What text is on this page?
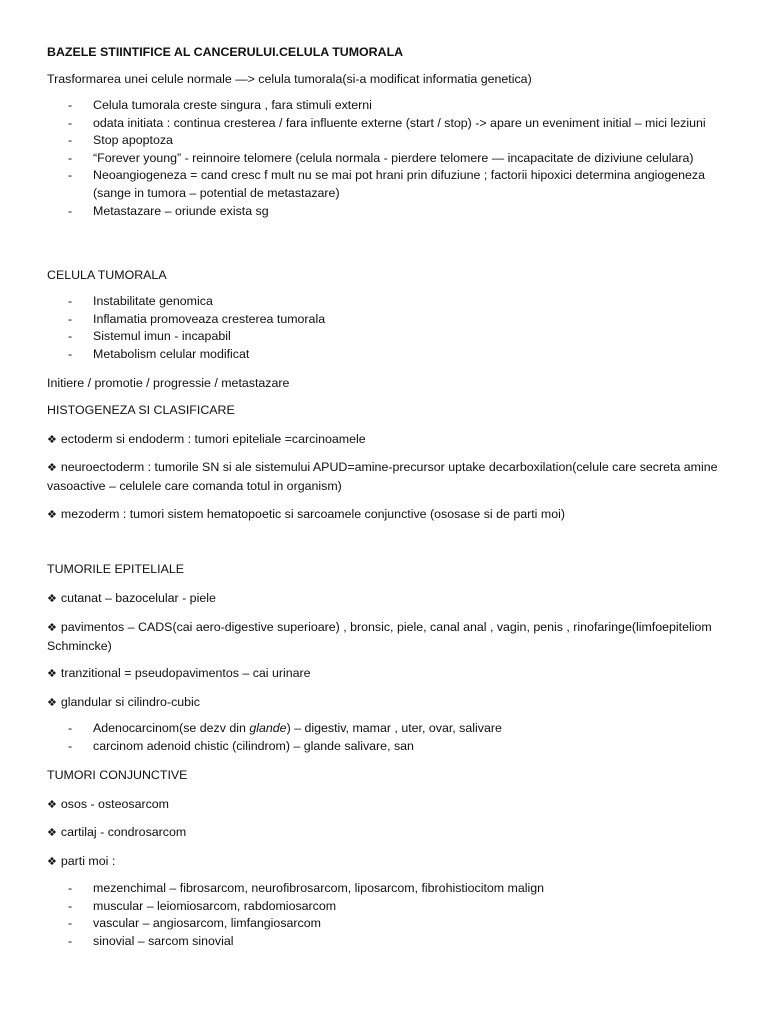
BAZELE STIINTIFICE AL CANCERULUI.CELULA TUMORALA
Trasformarea unei celule normale —> celula tumorala(si-a modificat informatia genetica)
- Celula tumorala creste singura , fara stimuli externi
- odata initiata : continua cresterea / fara influente externe (start / stop) -> apare un eveniment initial – mici leziuni
- Stop apoptoza
- “Forever young” - reinnoire telomere (celula normala - pierdere telomere — incapacitate de diziviune celulara)
- Neoangiogeneza = cand cresc f mult nu se mai pot hrani prin difuziune ; factorii hipoxici determina angiogeneza (sange in tumora – potential de metastazare)
- Metastazare – oriunde exista sg
CELULA TUMORALA
- Instabilitate genomica
- Inflamatia promoveaza cresterea tumorala
- Sistemul imun - incapabil
- Metabolism celular modificat
Initiere / promotie / progressie / metastazare
HISTOGENEZA SI CLASIFICARE
❖ ectoderm si endoderm : tumori epiteliale =carcinoamele
❖ neuroectoderm : tumorile SN si ale sistemului APUD=amine-precursor uptake decarboxilation(celule care secreta amine vasoactive – celulele care comanda totul in organism)
❖ mezoderm : tumori sistem hematopoetic si sarcoamele conjunctive (ososase si de parti moi)
TUMORILE EPITELIALE
❖ cutanat – bazocelular - piele
❖ pavimentos – CADS(cai aero-digestive superioare) , bronsic, piele, canal anal , vagin, penis , rinofaringe(limfoepiteliom Schmincke)
❖ tranzitional = pseudopavimentos – cai urinare
❖ glandular si cilindro-cubic
- Adenocarcinom(se dezv din glande) – digestiv, mamar , uter, ovar, salivare
- carcinom adenoid chistic (cilindrom) – glande salivare, san
TUMORI CONJUNCTIVE
❖ osos - osteosarcom
❖ cartilaj - condrosarcom
❖ parti moi :
- mezenchimal – fibrosarcom, neurofibrosarcom, liposarcom, fibrohistiocitom malign
- muscular – leiomiosarcom, rabdomiosarcom
- vascular – angiosarcom, limfangiosarcom
- sinovial – sarcom sinovial
